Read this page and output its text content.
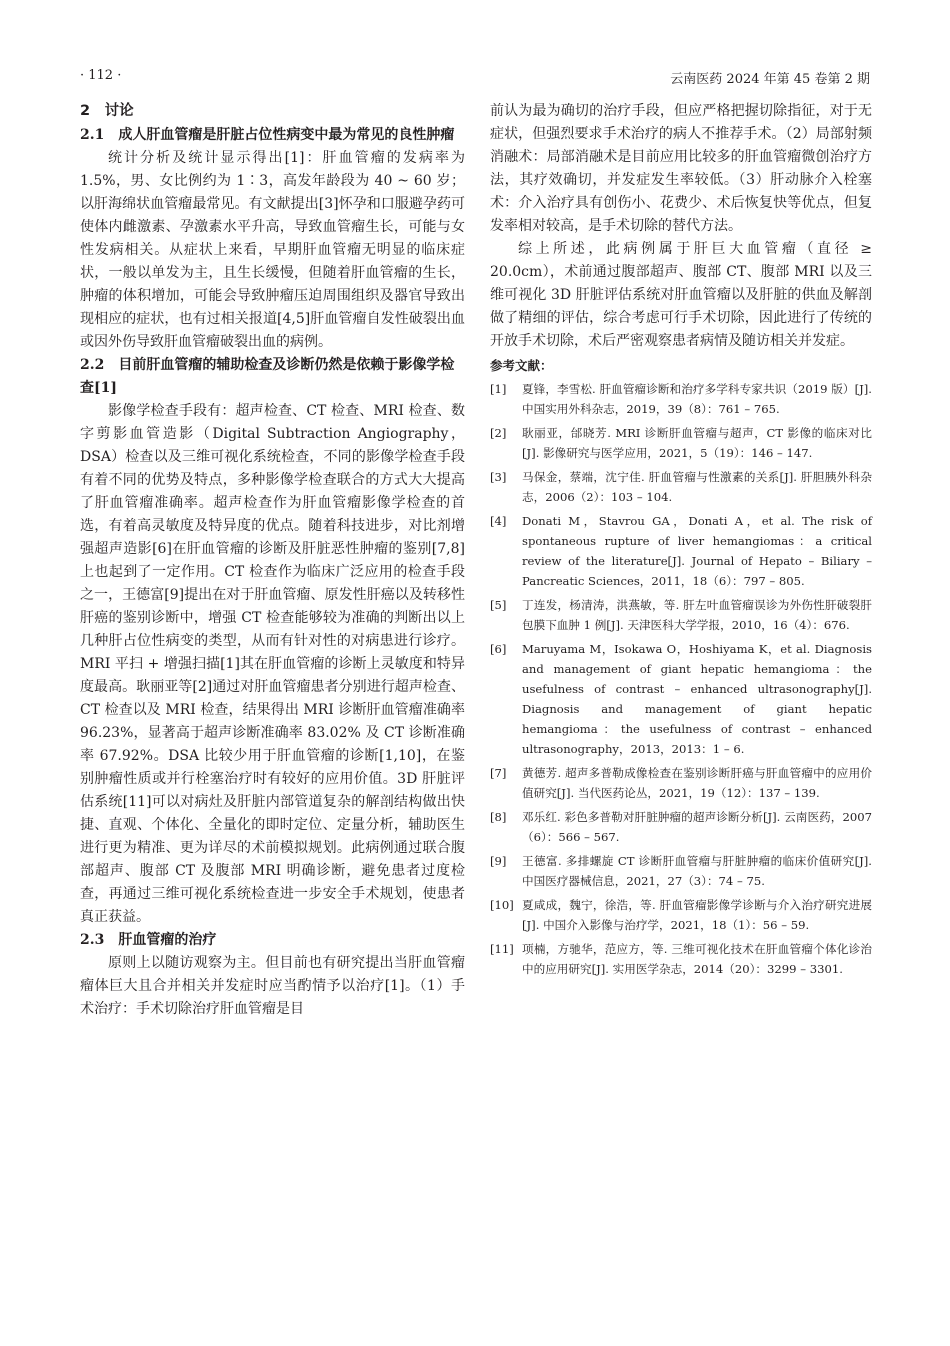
· 112 ·	云南医药 2024 年第 45 卷第 2 期
2　讨论
2.1　成人肝血管瘤是肝脏占位性病变中最为常见的良性肿瘤

统计分析及统计显示得出[1]：肝血管瘤的发病率为 1.5%，男、女比例约为 1∶3，高发年龄段为 40 ~ 60 岁；以肝海绵状血管瘤最常见。有文献提出[3]怀孕和口服避孕药可使体内雌激素、孕激素水平升高，导致血管瘤生长，可能与女性发病相关。从症状上来看，早期肝血管瘤无明显的临床症状，一般以单发为主，且生长缓慢，但随着肝血管瘤的生长，肿瘤的体积增加，可能会导致肿瘤压迫周围组织及器官导致出现相应的症状，也有过相关报道[4,5]肝血管瘤自发性破裂出血或因外伤导致肝血管瘤破裂出血的病例。

2.2　目前肝血管瘤的辅助检查及诊断仍然是依赖于影像学检查[1]

影像学检查手段有：超声检查、CT 检查、MRI 检查、数字剪影血管造影（Digital Subtraction Angiography，DSA）检查以及三维可视化系统检查，不同的影像学检查手段有着不同的优势及特点，多种影像学检查联合的方式大大提高了肝血管瘤准确率。超声检查作为肝血管瘤影像学检查的首选，有着高灵敏度及特异度的优点。随着科技进步，对比剂增强超声造影[6]在肝血管瘤的诊断及肝脏恶性肿瘤的鉴别[7,8]上也起到了一定作用。CT 检查作为临床广泛应用的检查手段之一，王德富[9]提出在对于肝血管瘤、原发性肝癌以及转移性肝癌的鉴别诊断中，增强 CT 检查能够较为准确的判断出以上几种肝占位性病变的类型，从而有针对性的对病患进行诊疗。MRI 平扫 + 增强扫描[1]其在肝血管瘤的诊断上灵敏度和特异度最高。耿丽亚等[2]通过对肝血管瘤患者分别进行超声检查、CT 检查以及 MRI 检查，结果得出 MRI 诊断肝血管瘤准确率 96.23%，显著高于超声诊断准确率 83.02% 及 CT 诊断准确率 67.92%。DSA 比较少用于肝血管瘤的诊断[1,10]，在鉴别肿瘤性质或并行栓塞治疗时有较好的应用价值。3D 肝脏评估系统[11]可以对病灶及肝脏内部管道复杂的解剖结构做出快捷、直观、个体化、全量化的即时定位、定量分析，辅助医生进行更为精准、更为详尽的术前模拟规划。此病例通过联合腹部超声、腹部 CT 及腹部 MRI 明确诊断，避免患者过度检查，再通过三维可视化系统检查进一步安全手术规划，使患者真正获益。

2.3　肝血管瘤的治疗

原则上以随访观察为主。但目前也有研究提出当肝血管瘤瘤体巨大且合并相关并发症时应当酌情予以治疗[1]。（1）手术治疗：手术切除治疗肝血管瘤是目

前认为最为确切的治疗手段，但应严格把握切除指征，对于无症状，但强烈要求手术治疗的病人不推荐手术。（2）局部射频消融术：局部消融术是目前应用比较多的肝血管瘤微创治疗方法，其疗效确切，并发症发生率较低。（3）肝动脉介入栓塞术：介入治疗具有创伤小、花费少、术后恢复快等优点，但复发率相对较高，是手术切除的替代方法。

综上所述，此病例属于肝巨大血管瘤（直径 ≥ 20.0cm），术前通过腹部超声、腹部 CT、腹部 MRI 以及三维可视化 3D 肝脏评估系统对肝血管瘤以及肝脏的供血及解剖做了精细的评估，综合考虑可行手术切除，因此进行了传统的开放手术切除，术后严密观察患者病情及随访相关并发症。

参考文献：
[1]	夏锋，李雪松. 肝血管瘤诊断和治疗多学科专家共识（2019 版）[J]. 中国实用外科杂志，2019，39（8）：761 – 765.
[2]	耿丽亚，邰晓芳. MRI 诊断肝血管瘤与超声，CT 影像的临床对比[J]. 影像研究与医学应用，2021，5（19）：146 – 147.
[3]	马保金，蔡端，沈宁佳. 肝血管瘤与性激素的关系[J]. 肝胆胰外科杂志，2006（2）：103 – 104.
[4]	Donati M，Stavrou GA，Donati A，et al. The risk of spontaneous rupture of liver hemangiomas：a critical review of the literature[J]. Journal of Hepato – Biliary – Pancreatic Sciences，2011，18（6）：797 – 805.
[5]	丁连发，杨清涛，洪燕敏，等. 肝左叶血管瘤误诊为外伤性肝破裂肝包膜下血肿 1 例[J]. 天津医科大学学报，2010，16（4）：676.
[6]	Maruyama M，Isokawa O，Hoshiyama K，et al. Diagnosis and management of giant hepatic hemangioma：the usefulness of contrast – enhanced ultrasonography[J]. Diagnosis and management of giant hepatic hemangioma：the usefulness of contrast – enhanced ultrasonography，2013，2013：1 – 6.
[7]	黄德芳. 超声多普勒成像检查在鉴别诊断肝癌与肝血管瘤中的应用价值研究[J]. 当代医药论丛，2021，19（12）：137 – 139.
[8]	邓乐红. 彩色多普勒对肝脏肿瘤的超声诊断分析[J]. 云南医药，2007（6）：566 – 567.
[9]	王德富. 多排螺旋 CT 诊断肝血管瘤与肝脏肿瘤的临床价值研究[J]. 中国医疗器械信息，2021，27（3）：74 – 75.
[10] 夏咸成，魏宁，徐浩，等. 肝血管瘤影像学诊断与介入治疗研究进展[J]. 中国介入影像与治疗学，2021，18（1）：56 – 59.
[11] 项楠，方驰华，范应方，等. 三维可视化技术在肝血管瘤个体化诊治中的应用研究[J]. 实用医学杂志，2014（20）：3299 – 3301.
